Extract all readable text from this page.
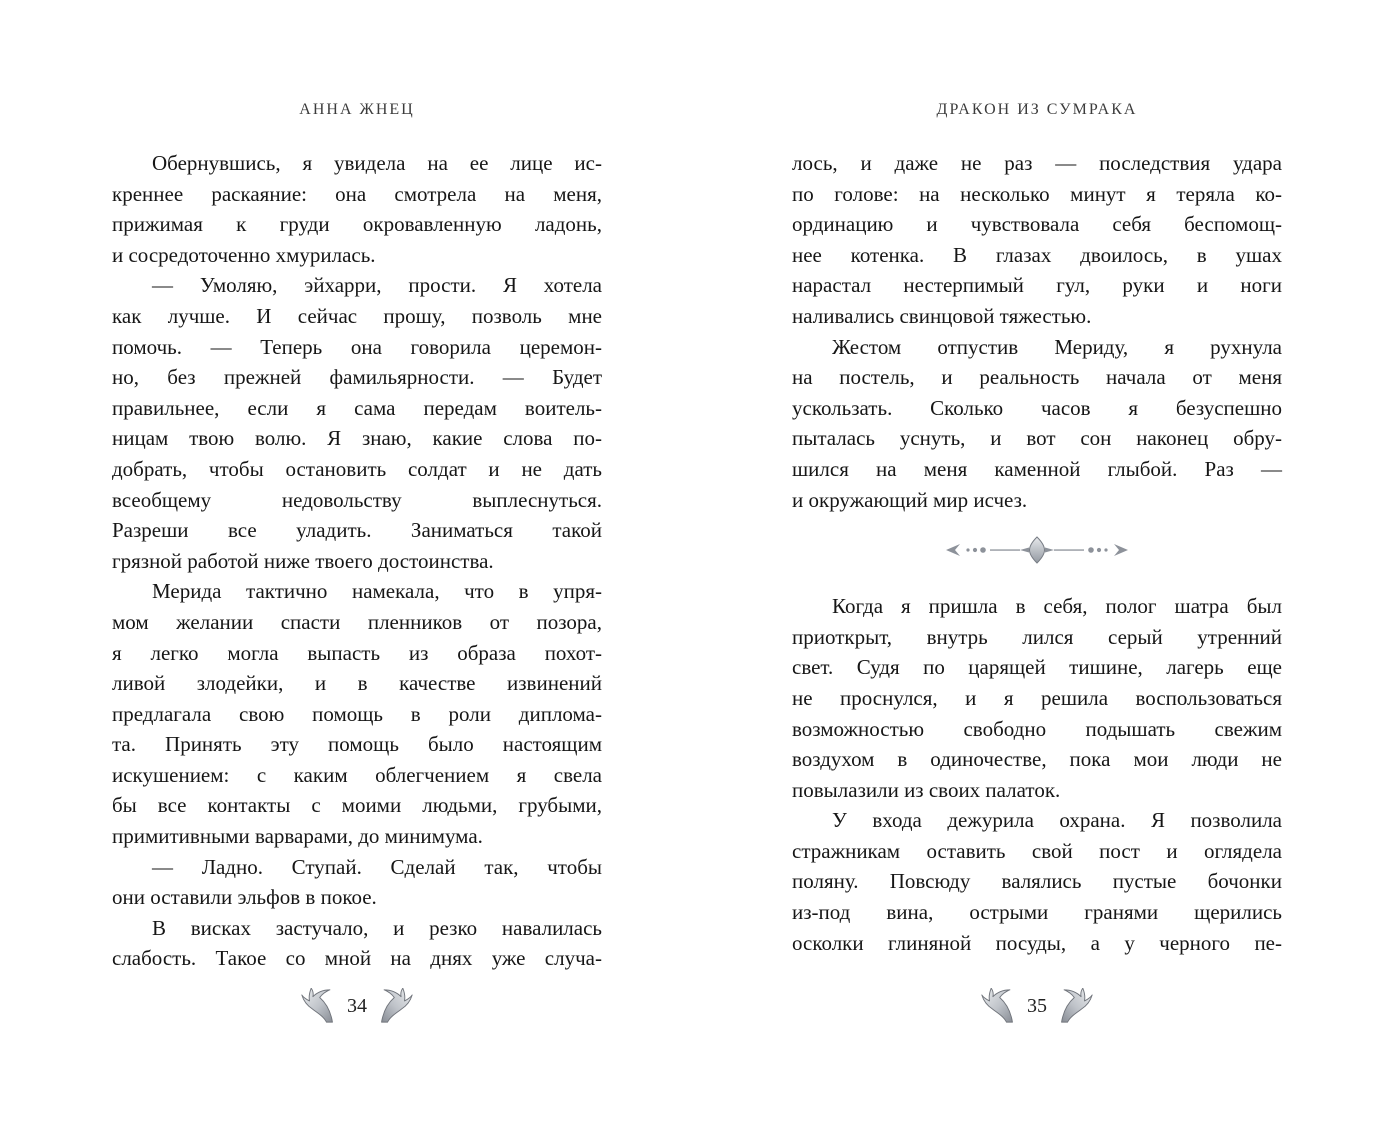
АННА ЖНЕЦ
Обернувшись, я увидела на ее лице ис-
креннее раскаяние: она смотрела на меня,
прижимая к груди окровавленную ладонь,
и сосредоточенно хмурилась.
— Умоляю, эйхарри, прости. Я хотела
как лучше. И сейчас прошу, позволь мне
помочь. — Теперь она говорила церемон-
но, без прежней фамильярности. — Будет
правильнее, если я сама передам воитель-
ницам твою волю. Я знаю, какие слова по-
добрать, чтобы остановить солдат и не дать
всеобщему недовольству выплеснуться.
Разреши все уладить. Заниматься такой
грязной работой ниже твоего достоинства.
Мерида тактично намекала, что в упря-
мом желании спасти пленников от позора,
я легко могла выпасть из образа похот-
ливой злодейки, и в качестве извинений
предлагала свою помощь в роли диплома-
та. Принять эту помощь было настоящим
искушением: с каким облегчением я свела
бы все контакты с моими людьми, грубыми,
примитивными варварами, до минимума.
— Ладно. Ступай. Сделай так, чтобы
они оставили эльфов в покое.
В висках застучало, и резко навалилась
слабость. Такое со мной на днях уже случа-
34
ДРАКОН ИЗ СУМРАКА
лось, и даже не раз — последствия удара
по голове: на несколько минут я теряла ко-
ординацию и чувствовала себя беспомощ-
нее котенка. В глазах двоилось, в ушах
нарастал нестерпимый гул, руки и ноги
наливались свинцовой тяжестью.
Жестом отпустив Мериду, я рухнула
на постель, и реальность начала от меня
ускользать. Сколько часов я безуспешно
пыталась уснуть, и вот сон наконец обру-
шился на меня каменной глыбой. Раз —
и окружающий мир исчез.
Когда я пришла в себя, полог шатра был
приоткрыт, внутрь лился серый утренний
свет. Судя по царящей тишине, лагерь еще
не проснулся, и я решила воспользоваться
возможностью свободно подышать свежим
воздухом в одиночестве, пока мои люди не
повылазили из своих палаток.
У входа дежурила охрана. Я позволила
стражникам оставить свой пост и оглядела
поляну. Повсюду валялись пустые бочонки
из-под вина, острыми гранями щерились
осколки глиняной посуды, а у черного пе-
35
